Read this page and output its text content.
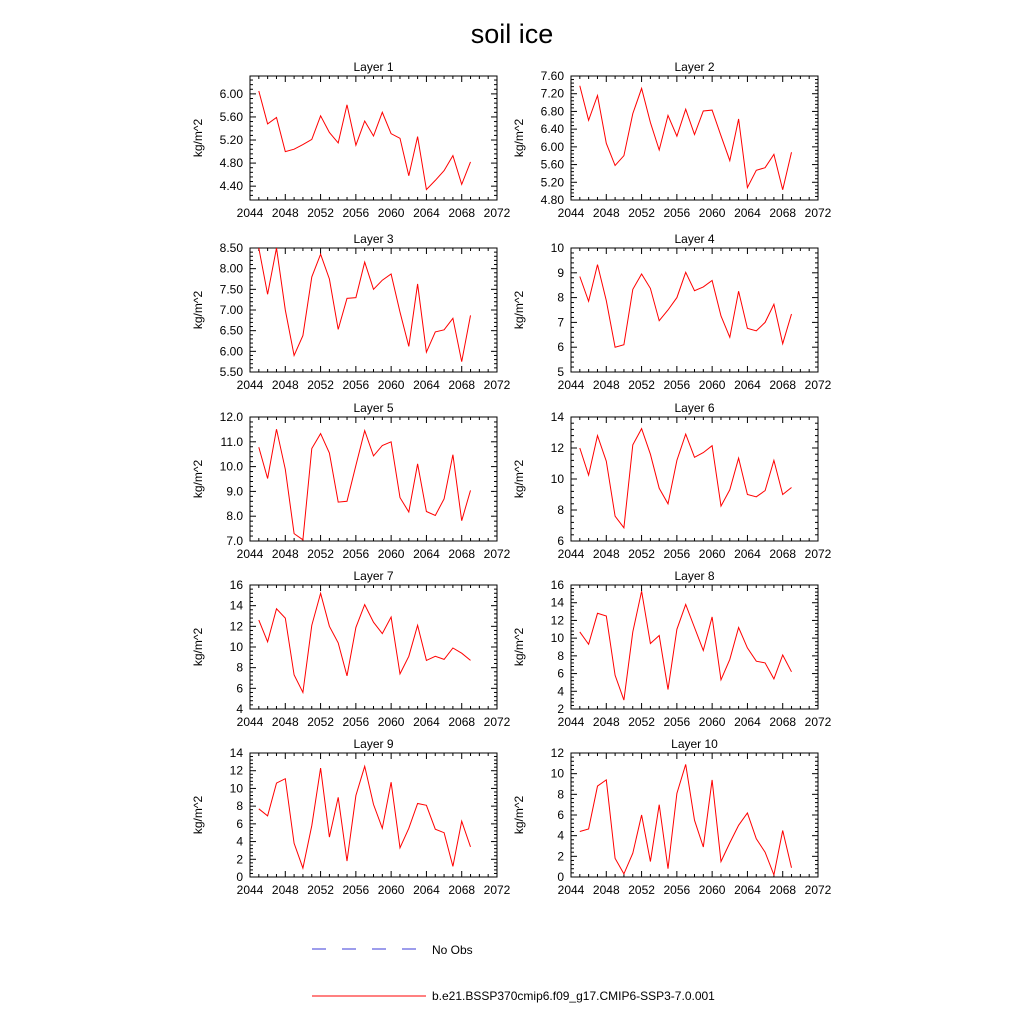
soil ice
Layer 1
kg/m^2
2044 2048 2052 2056 2060 2064 2068 2072
4.40
4.80
5.20
5.60
6.00
Layer 2
kg/m^2
2044 2048 2052 2056 2060 2064 2068 2072
4.80
5.20
5.60
6.00
6.40
6.80
7.20
7.60
Layer 3
kg/m^2
2044 2048 2052 2056 2060 2064 2068 2072
5.50
6.00
6.50
7.00
7.50
8.00
8.50
Layer 4
kg/m^2
2044 2048 2052 2056 2060 2064 2068 2072
5
6
7
8
9
10
Layer 5
kg/m^2
2044 2048 2052 2056 2060 2064 2068 2072
7.0
8.0
9.0
10.0
11.0
12.0
Layer 6
kg/m^2
2044 2048 2052 2056 2060 2064 2068 2072
6
8
10
12
14
Layer 7
kg/m^2
2044 2048 2052 2056 2060 2064 2068 2072
4
6
8
10
12
14
16
Layer 8
kg/m^2
2044 2048 2052 2056 2060 2064 2068 2072
2
4
6
8
10
12
14
16
Layer 9
kg/m^2
2044 2048 2052 2056 2060 2064 2068 2072
0
2
4
6
8
10
12
14
Layer 10
kg/m^2
2044 2048 2052 2056 2060 2064 2068 2072
0
2
4
6
8
10
12
No Obs
b.e21.BSSP370cmip6.f09_g17.CMIP6-SSP3-7.0.001
